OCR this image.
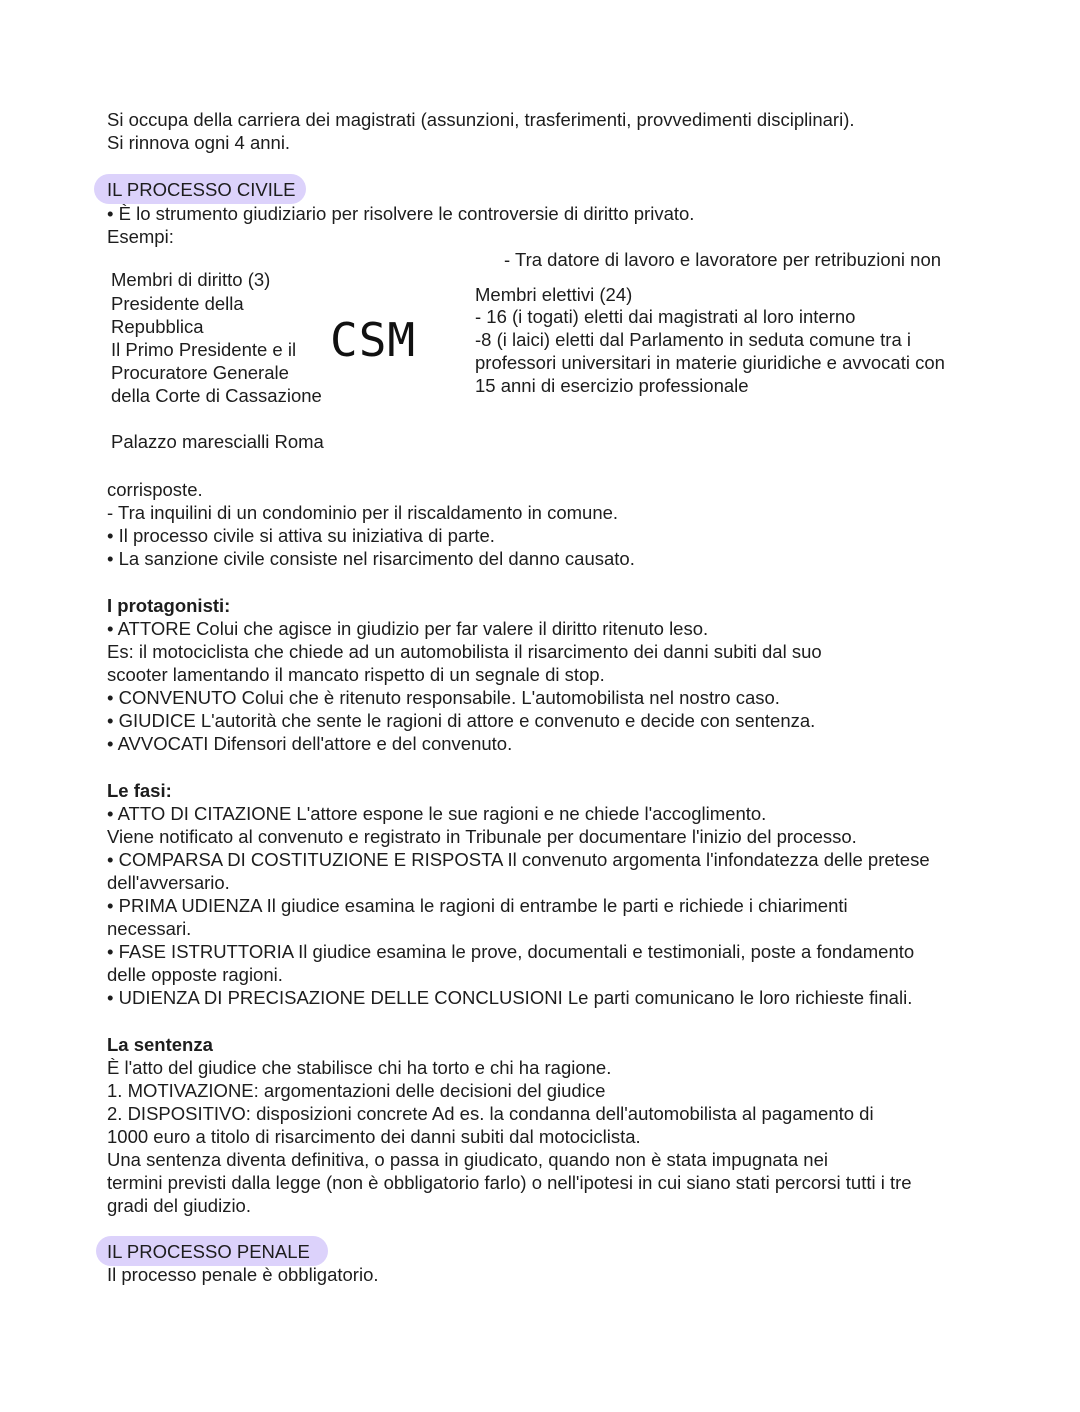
Si occupa della carriera dei magistrati (assunzioni, trasferimenti, provvedimenti disciplinari).
Si rinnova ogni 4 anni.
IL PROCESSO CIVILE
• È lo strumento giudiziario per risolvere le controversie di diritto privato.
Esempi:
- Tra datore di lavoro e lavoratore per retribuzioni non
Membri di diritto (3)
Presidente della
Repubblica
Il Primo Presidente e il
Procuratore Generale
della Corte di Cassazione
Palazzo marescialli Roma
CSM
Membri elettivi (24)
- 16 (i togati) eletti dai magistrati al loro interno
-8 (i laici) eletti dal Parlamento in seduta comune tra i
professori universitari in materie giuridiche e avvocati con
15 anni di esercizio professionale
corrisposte.
- Tra inquilini di un condominio per il riscaldamento in comune.
• Il processo civile si attiva su iniziativa di parte.
• La sanzione civile consiste nel risarcimento del danno causato.
I protagonisti:
• ATTORE Colui che agisce in giudizio per far valere il diritto ritenuto leso.
Es: il motociclista che chiede ad un automobilista il risarcimento dei danni subiti dal suo
scooter lamentando il mancato rispetto di un segnale di stop.
• CONVENUTO Colui che è ritenuto responsabile. L'automobilista nel nostro caso.
• GIUDICE L'autorità che sente le ragioni di attore e convenuto e decide con sentenza.
• AVVOCATI Difensori dell'attore e del convenuto.
Le fasi:
• ATTO DI CITAZIONE L'attore espone le sue ragioni e ne chiede l'accoglimento.
Viene notificato al convenuto e registrato in Tribunale per documentare l'inizio del processo.
• COMPARSA DI COSTITUZIONE E RISPOSTA Il convenuto argomenta l'infondatezza delle pretese
dell'avversario.
• PRIMA UDIENZA Il giudice esamina le ragioni di entrambe le parti e richiede i chiarimenti
necessari.
• FASE ISTRUTTORIA Il giudice esamina le prove, documentali e testimoniali, poste a fondamento
delle opposte ragioni.
• UDIENZA DI PRECISAZIONE DELLE CONCLUSIONI Le parti comunicano le loro richieste finali.
La sentenza
È l'atto del giudice che stabilisce chi ha torto e chi ha ragione.
1. MOTIVAZIONE: argomentazioni delle decisioni del giudice
2. DISPOSITIVO: disposizioni concrete Ad es. la condanna dell'automobilista al pagamento di
1000 euro a titolo di risarcimento dei danni subiti dal motociclista.
Una sentenza diventa definitiva, o passa in giudicato, quando non è stata impugnata nei
termini previsti dalla legge (non è obbligatorio farlo) o nell'ipotesi in cui siano stati percorsi tutti i tre
gradi del giudizio.
IL PROCESSO PENALE
Il processo penale è obbligatorio.
